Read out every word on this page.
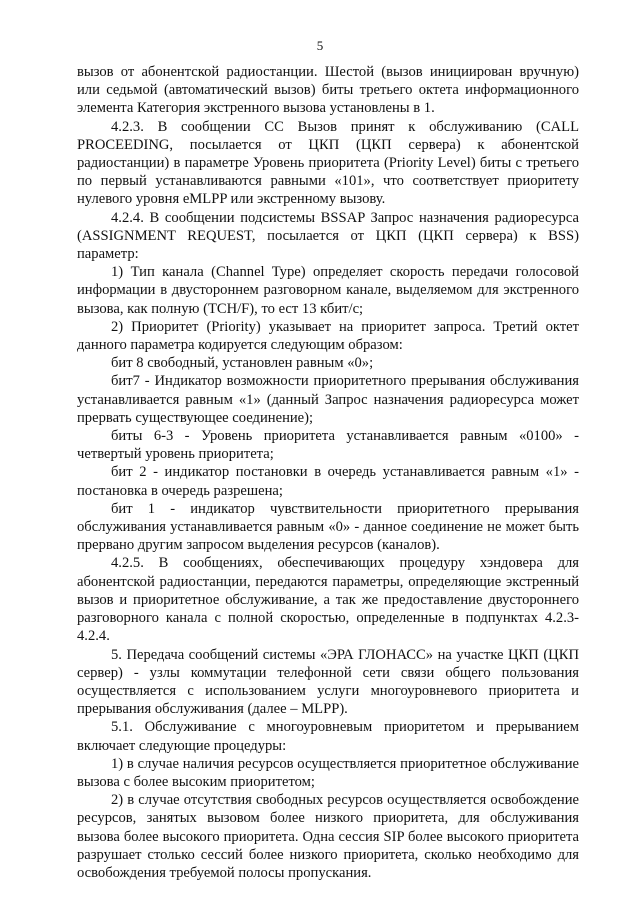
5

вызов от абонентской радиостанции. Шестой (вызов инициирован вручную) или седьмой (автоматический вызов) биты третьего октета информационного элемента Категория экстренного вызова установлены в 1.

4.2.3. В сообщении CC Вызов принят к обслуживанию (CALL PROCEEDING, посылается от ЦКП (ЦКП сервера) к абонентской радиостанции) в параметре Уровень приоритета (Priority Level) биты с третьего по первый устанавливаются равными «101», что соответствует приоритету нулевого уровня eMLPP или экстренному вызову.

4.2.4. В сообщении подсистемы BSSAP Запрос назначения радиоресурса (ASSIGNMENT REQUEST, посылается от ЦКП (ЦКП сервера) к BSS) параметр:

1) Тип канала (Channel Type) определяет скорость передачи голосовой информации в двустороннем разговорном канале, выделяемом для экстренного вызова, как полную (TCH/F), то ест 13 кбит/с;

2) Приоритет (Priority) указывает на приоритет запроса. Третий октет данного параметра кодируется следующим образом:

бит 8 свободный, установлен равным «0»;

бит7 - Индикатор возможности приоритетного прерывания обслуживания устанавливается равным «1» (данный Запрос назначения радиоресурса может прервать существующее соединение);

биты 6-3 - Уровень приоритета устанавливается равным «0100» - четвертый уровень приоритета;

бит 2 - индикатор постановки в очередь устанавливается равным «1» - постановка в очередь разрешена;

бит 1 - индикатор чувствительности приоритетного прерывания обслуживания устанавливается равным «0» - данное соединение не может быть прервано другим запросом выделения ресурсов (каналов).

4.2.5. В сообщениях, обеспечивающих процедуру хэндовера для абонентской радиостанции, передаются параметры, определяющие экстренный вызов и приоритетное обслуживание, а так же предоставление двустороннего разговорного канала с полной скоростью, определенные в подпунктах 4.2.3-4.2.4.

5. Передача сообщений системы «ЭРА ГЛОНАСС» на участке ЦКП (ЦКП сервер) - узлы коммутации телефонной сети связи общего пользования осуществляется с использованием услуги многоуровневого приоритета и прерывания обслуживания (далее – MLPP).

5.1. Обслуживание с многоуровневым приоритетом и прерыванием включает следующие процедуры:

1) в случае наличия ресурсов осуществляется приоритетное обслуживание вызова с более высоким приоритетом;

2) в случае отсутствия свободных ресурсов осуществляется освобождение ресурсов, занятых вызовом более низкого приоритета, для обслуживания вызова более высокого приоритета. Одна сессия SIP более высокого приоритета разрушает столько сессий более низкого приоритета, сколько необходимо для освобождения требуемой полосы пропускания.
